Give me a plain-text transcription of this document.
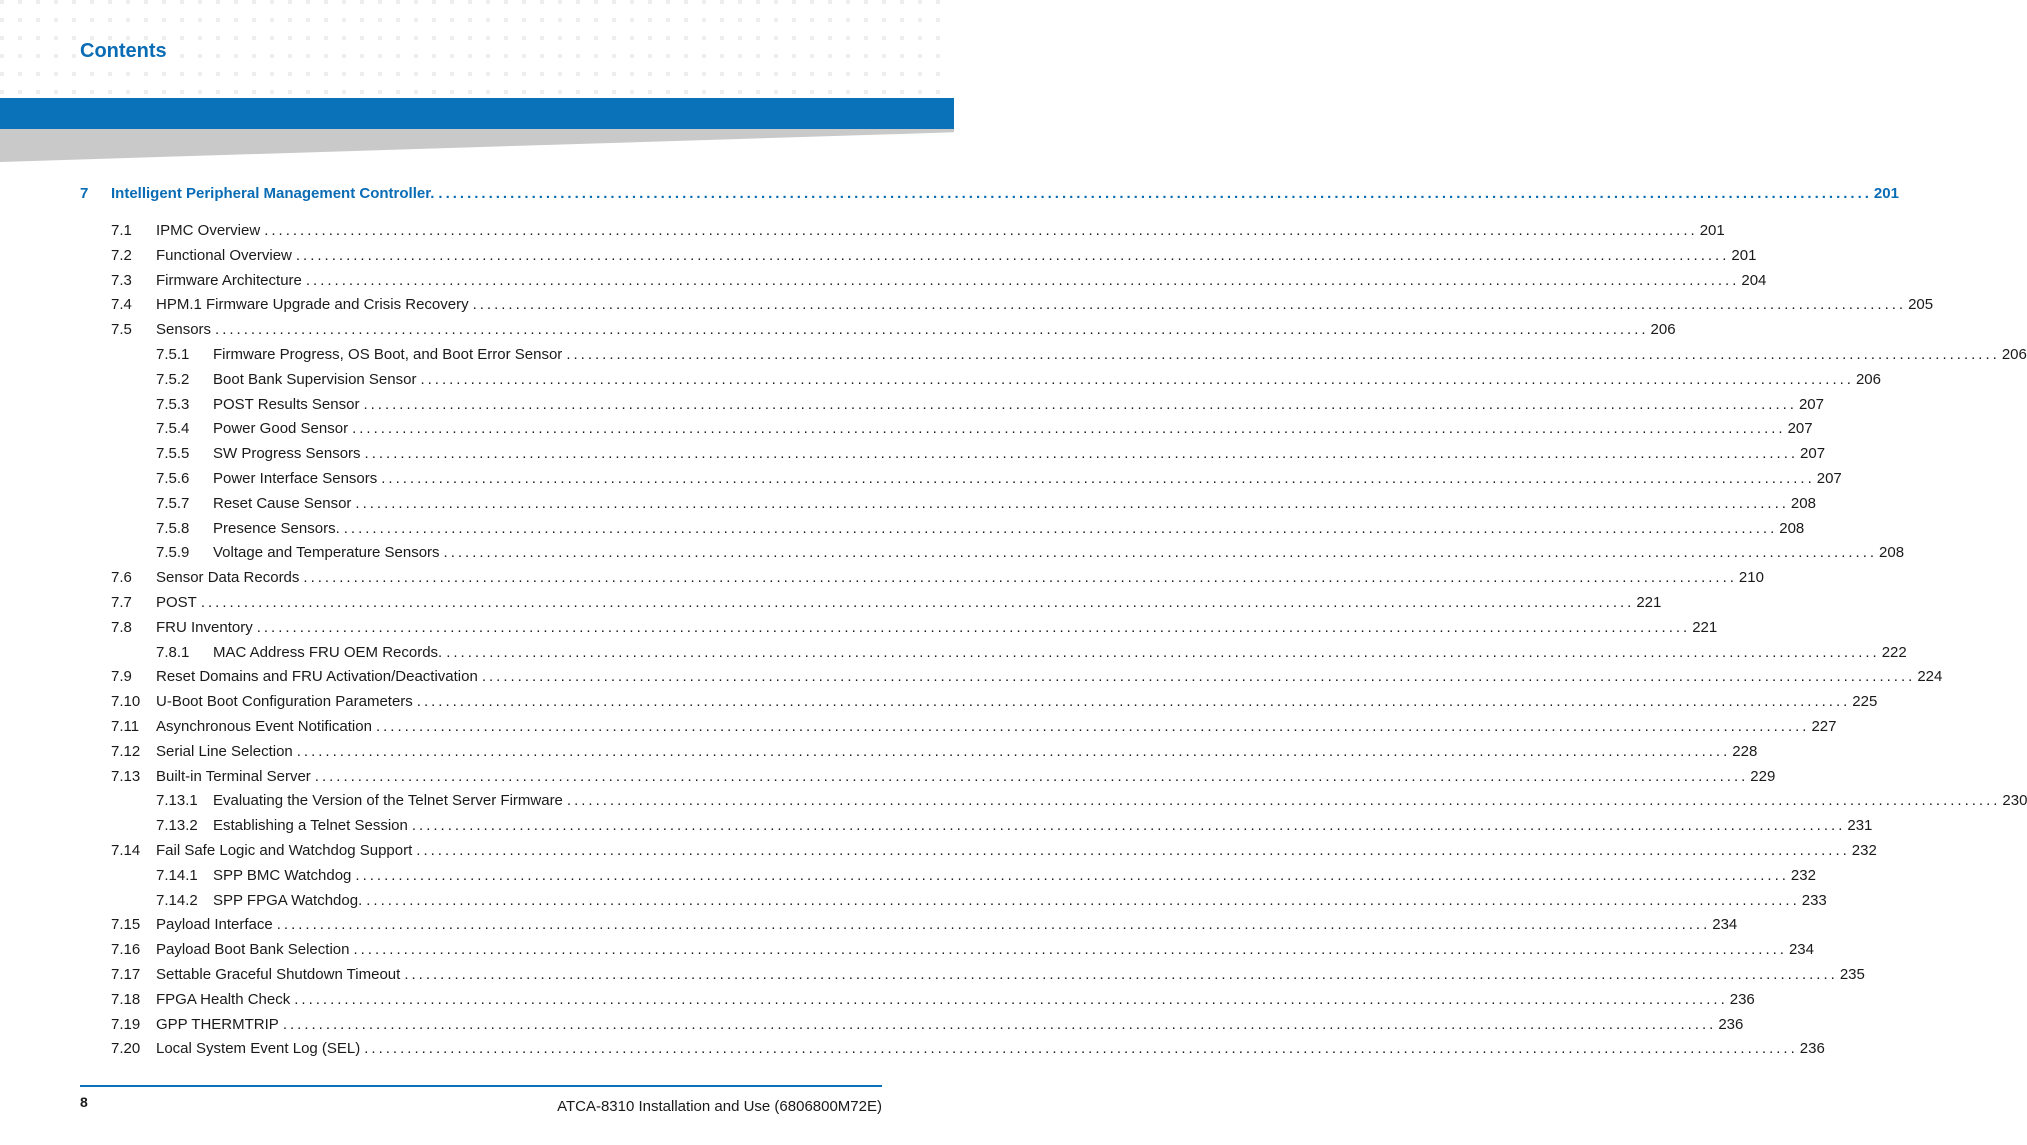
Contents
7 Intelligent Peripheral Management Controller. ........................................................................................................................................................................................................ 201
7.1 IPMC Overview ........................................................................................................................................................................................................ 201
7.2 Functional Overview ........................................................................................................................................................................................................ 201
7.3 Firmware Architecture ........................................................................................................................................................................................................ 204
7.4 HPM.1 Firmware Upgrade and Crisis Recovery ........................................................................................................................................................................................................ 205
7.5 Sensors ........................................................................................................................................................................................................ 206
7.5.1 Firmware Progress, OS Boot, and Boot Error Sensor ........................................................................................................................................................................................................ 206
7.5.2 Boot Bank Supervision Sensor ........................................................................................................................................................................................................ 206
7.5.3 POST Results Sensor ........................................................................................................................................................................................................ 207
7.5.4 Power Good Sensor ........................................................................................................................................................................................................ 207
7.5.5 SW Progress Sensors ........................................................................................................................................................................................................ 207
7.5.6 Power Interface Sensors ........................................................................................................................................................................................................ 207
7.5.7 Reset Cause Sensor ........................................................................................................................................................................................................ 208
7.5.8 Presence Sensors. ........................................................................................................................................................................................................ 208
7.5.9 Voltage and Temperature Sensors ........................................................................................................................................................................................................ 208
7.6 Sensor Data Records ........................................................................................................................................................................................................ 210
7.7 POST ........................................................................................................................................................................................................ 221
7.8 FRU Inventory ........................................................................................................................................................................................................ 221
7.8.1 MAC Address FRU OEM Records. ........................................................................................................................................................................................................ 222
7.9 Reset Domains and FRU Activation/Deactivation ........................................................................................................................................................................................................ 224
7.10 U-Boot Boot Configuration Parameters ........................................................................................................................................................................................................ 225
7.11 Asynchronous Event Notification ........................................................................................................................................................................................................ 227
7.12 Serial Line Selection ........................................................................................................................................................................................................ 228
7.13 Built-in Terminal Server ........................................................................................................................................................................................................ 229
7.13.1 Evaluating the Version of the Telnet Server Firmware ........................................................................................................................................................................................................ 230
7.13.2 Establishing a Telnet Session ........................................................................................................................................................................................................ 231
7.14 Fail Safe Logic and Watchdog Support ........................................................................................................................................................................................................ 232
7.14.1 SPP BMC Watchdog ........................................................................................................................................................................................................ 232
7.14.2 SPP FPGA Watchdog. ........................................................................................................................................................................................................ 233
7.15 Payload Interface ........................................................................................................................................................................................................ 234
7.16 Payload Boot Bank Selection ........................................................................................................................................................................................................ 234
7.17 Settable Graceful Shutdown Timeout ........................................................................................................................................................................................................ 235
7.18 FPGA Health Check ........................................................................................................................................................................................................ 236
7.19 GPP THERMTRIP ........................................................................................................................................................................................................ 236
7.20 Local System Event Log (SEL) ........................................................................................................................................................................................................ 236
8	ATCA-8310 Installation and Use (6806800M72E)
